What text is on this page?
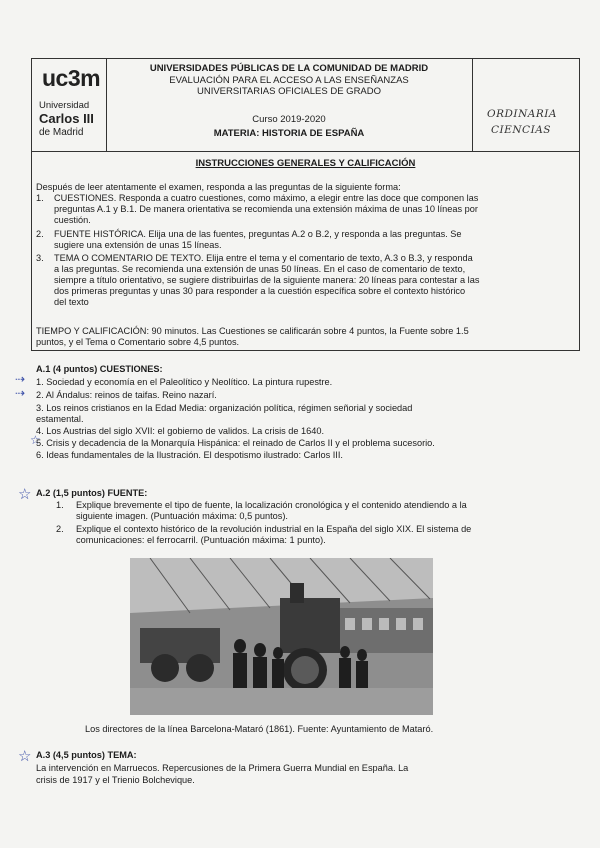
uc3m
Universidad
Carlos III
de Madrid
UNIVERSIDADES PÚBLICAS DE LA COMUNIDAD DE MADRID
EVALUACIÓN PARA EL ACCESO A LAS ENSEÑANZAS
UNIVERSITARIAS OFICIALES DE GRADO
Curso 2019-2020
MATERIA: HISTORIA DE ESPAÑA
ORDINARIA
CIENCIAS
INSTRUCCIONES GENERALES Y CALIFICACIÓN
Después de leer atentamente el examen, responda a las preguntas de la siguiente forma:
1. CUESTIONES. Responda a cuatro cuestiones, como máximo, a elegir entre las doce que componen las
preguntas A.1 y B.1. De manera orientativa se recomienda una extensión máxima de unas 10 líneas por
cuestión.
2. FUENTE HISTÓRICA. Elija una de las fuentes, preguntas A.2 o B.2, y responda a las preguntas. Se
sugiere una extensión de unas 15 líneas.
3. TEMA O COMENTARIO DE TEXTO. Elija entre el tema y el comentario de texto, A.3 o B.3, y responda
a las preguntas. Se recomienda una extensión de unas 50 líneas. En el caso de comentario de texto,
siempre a título orientativo, se sugiere distribuirlas de la siguiente manera: 20 líneas para contestar a las
dos primeras preguntas y unas 30 para responder a la cuestión específica sobre el contexto histórico
del texto
TIEMPO Y CALIFICACIÓN: 90 minutos. Las Cuestiones se calificarán sobre 4 puntos, la Fuente sobre 1.5
puntos, y el Tema o Comentario sobre 4,5 puntos.
A.1 (4 puntos) CUESTIONES:
⇢ 1. Sociedad y economía en el Paleolítico y Neolítico. La pintura rupestre.
⇢ 2. Al Ándalus: reinos de taifas. Reino nazarí.
3. Los reinos cristianos en la Edad Media: organización política, régimen señorial y sociedad
estamental.
4. Los Austrias del siglo XVII: el gobierno de validos. La crisis de 1640.
☆
5. Crisis y decadencia de la Monarquía Hispánica: el reinado de Carlos II y el problema sucesorio.
6. Ideas fundamentales de la Ilustración. El despotismo ilustrado: Carlos III.
☆ A.2 (1,5 puntos) FUENTE:
1. Explique brevemente el tipo de fuente, la localización cronológica y el contenido atendiendo a la
siguiente imagen. (Puntuación máxima: 0,5 puntos).
2. Explique el contexto histórico de la revolución industrial en la España del siglo XIX. El sistema de
comunicaciones: el ferrocarril. (Puntuación máxima: 1 punto).
Los directores de la línea Barcelona-Mataró (1861). Fuente: Ayuntamiento de Mataró.
☆ A.3 (4,5 puntos) TEMA:
La intervención en Marruecos. Repercusiones de la Primera Guerra Mundial en España. La
crisis de 1917 y el Trienio Bolchevique.
